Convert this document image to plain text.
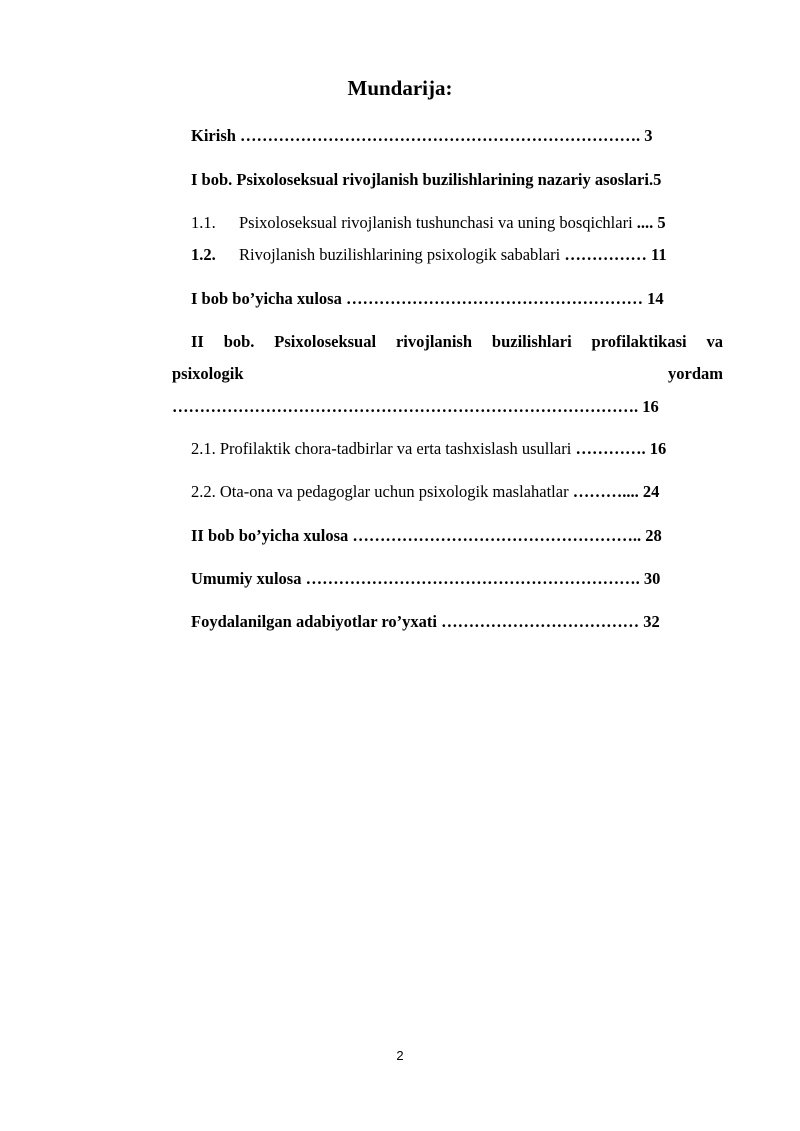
Mundarija:
Kirish ………………………………………………………………. 3
I bob. Psixoloseksual rivojlanish buzilishlarining nazariy asoslari.5
1.1. Psixoloseksual rivojlanish tushunchasi va uning bosqichlari .... 5
1.2. Rivojlanish buzilishlarining psixologik sabablari …………… 11
I bob bo’yicha xulosa ……………………………………………… 14
II bob. Psixoloseksual rivojlanish buzilishlari profilaktikasi va
psixologik	yordam
…………………………………………………………………………. 16
2.1. Profilaktik chora-tadbirlar va erta tashxislash usullari …………. 16
2.2. Ota-ona va pedagoglar uchun psixologik maslahatlar ……….... 24
II bob bo’yicha xulosa …………………………………………….. 28
Umumiy xulosa ……………………………………………………. 30
Foydalanilgan adabiyotlar ro’yxati ……………………………… 32
2
